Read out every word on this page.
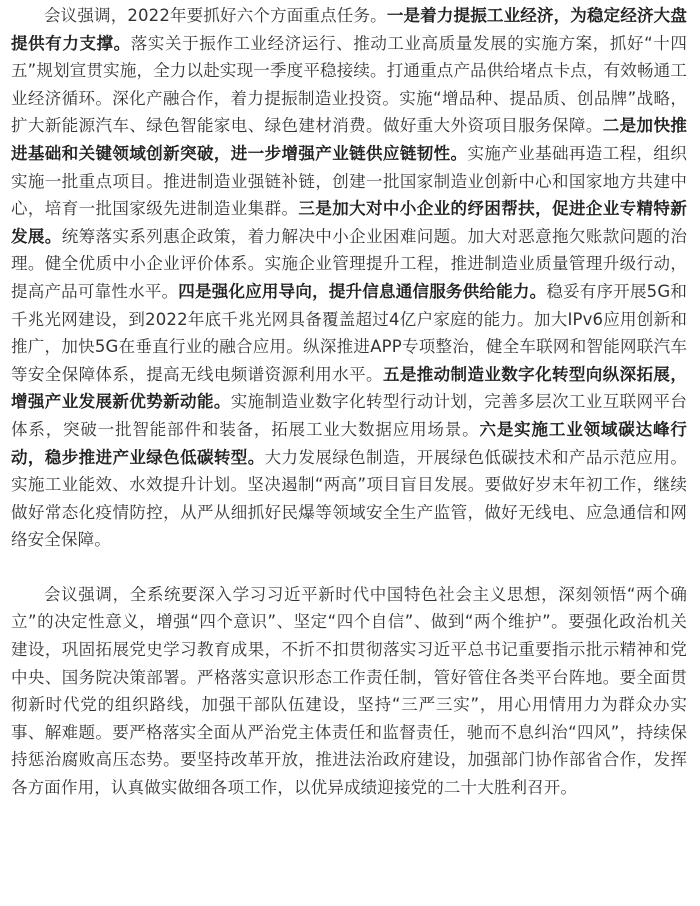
会议强调，2022年要抓好六个方面重点任务。一是着力提振工业经济，为稳定经济大盘提供有力支撑。落实关于振作工业经济运行、推动工业高质量发展的实施方案，抓好“十四五”规划宣贯实施，全力以赴实现一季度平稳接续。打通重点产品供给堵点卡点，有效畅通工业经济循环。深化产融合作，着力提振制造业投资。实施“增品种、提品质、创品牌”战略，扩大新能源汽车、绿色智能家电、绿色建材消费。做好重大外资项目服务保障。二是加快推进基础和关键领域创新突破，进一步增强产业链供应链韧性。实施产业基础再造工程，组织实施一批重点项目。推进制造业强链补链，创建一批国家制造业创新中心和国家地方共建中心，培育一批国家级先进制造业集群。三是加大对中小企业的纾困帮扶，促进企业专精特新发展。统筹落实系列惠企政策，着力解决中小企业困难问题。加大对恶意拖欠账款问题的治理。健全优质中小企业评价体系。实施企业管理提升工程，推进制造业质量管理升级行动，提高产品可靠性水平。四是强化应用导向，提升信息通信服务供给能力。稳妥有序开展5G和千兆光网建设，到2022年底千兆光网具备覆盖超过4亿户家庭的能力。加大IPv6应用创新和推广，加快5G在垂直行业的融合应用。纵深推进APP专项整治，健全车联网和智能网联汽车等安全保障体系，提高无线电频谱资源利用水平。五是推动制造业数字化转型向纵深拓展，增强产业发展新优势新动能。实施制造业数字化转型行动计划，完善多层次工业互联网平台体系，突破一批智能部件和装备，拓展工业大数据应用场景。六是实施工业领域碳达峰行动，稳步推进产业绿色低碳转型。大力发展绿色制造，开展绿色低碳技术和产品示范应用。实施工业能效、水效提升计划。坚决遏制“两高”项目盲目发展。要做好岁末年初工作，继续做好常态化疫情防控，从严从细抓好民爆等领域安全生产监管，做好无线电、应急通信和网络安全保障。

会议强调，全系统要深入学习习近平新时代中国特色社会主义思想，深刻领悟“两个确立”的决定性意义，增强“四个意识”、坚定“四个自信”、做到“两个维护”。要强化政治机关建设，巩固拓展党史学习教育成果，不折不扣贯彻落实习近平总书记重要指示批示精神和党中央、国务院决策部署。严格落实意识形态工作责任制，管好管住各类平台阵地。要全面贯彻新时代党的组织路线，加强干部队伍建设，坚持“三严三实”，用心用情用力为群众办实事、解难题。要严格落实全面从严治党主体责任和监督责任，驰而不息纠治“四风”，持续保持惩治腐败高压态势。要坚持改革开放，推进法治政府建设，加强部门协作部省合作，发挥各方面作用，认真做实做细各项工作，以优异成绩迎接党的二十大胜利召开。
